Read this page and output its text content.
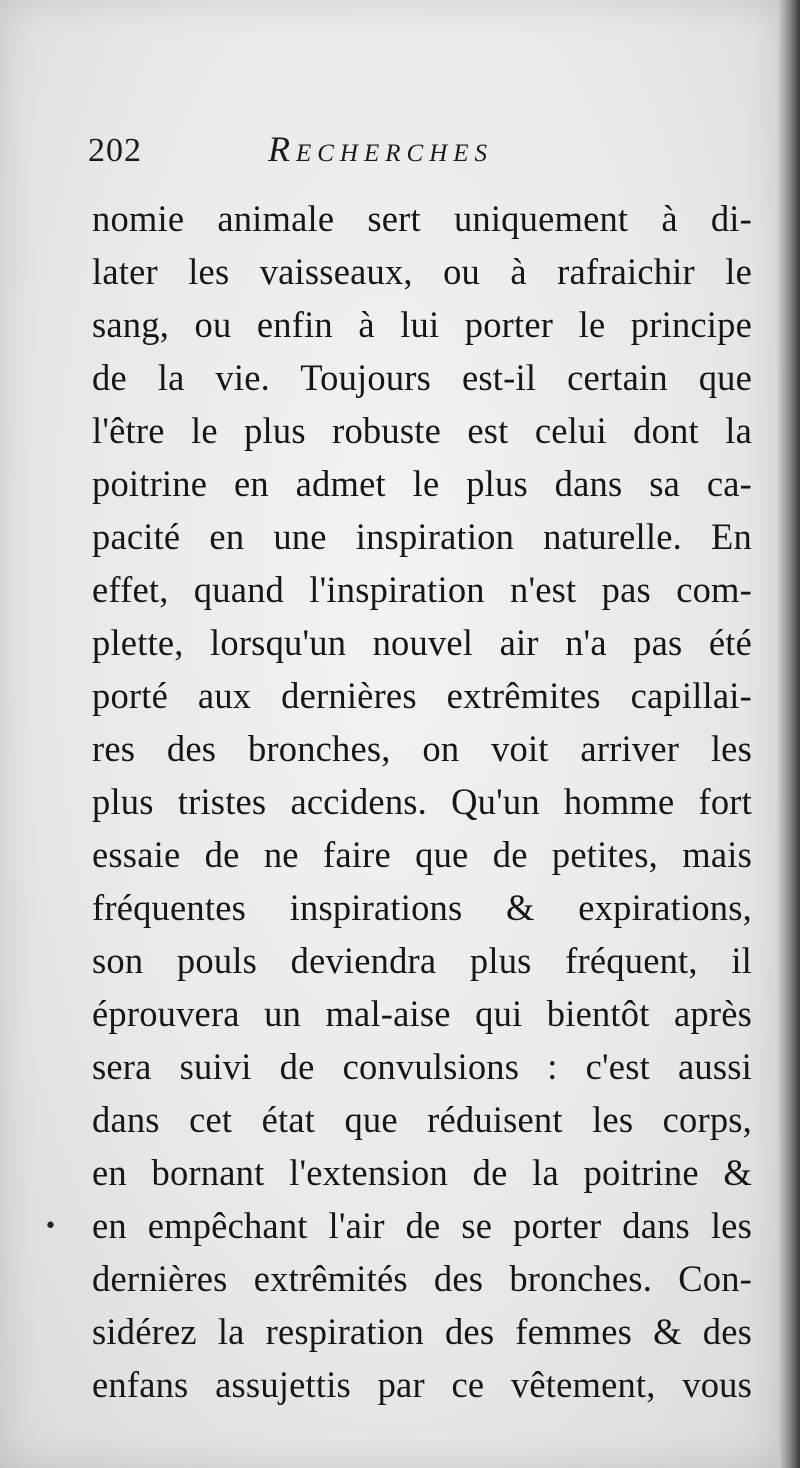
202	Recherches
nomie animale sert uniquement à di-
later les vaisseaux, ou à rafraichir le
sang, ou enfin à lui porter le principe
de la vie. Toujours est-il certain que
l'être le plus robuste est celui dont la
poitrine en admet le plus dans sa ca-
pacité en une inspiration naturelle. En
effet, quand l'inspiration n'est pas com-
plette, lorsqu'un nouvel air n'a pas été
porté aux dernières extrêmites capillai-
res des bronches, on voit arriver les
plus tristes accidens. Qu'un homme fort
essaie de ne faire que de petites, mais
fréquentes inspirations & expirations,
son pouls deviendra plus fréquent, il
éprouvera un mal-aise qui bientôt après
sera suivi de convulsions : c'est aussi
dans cet état que réduisent les corps,
en bornant l'extension de la poitrine &
en empêchant l'air de se porter dans les
dernières extrêmités des bronches. Con-
sidérez la respiration des femmes & des
enfans assujettis par ce vêtement, vous
•
